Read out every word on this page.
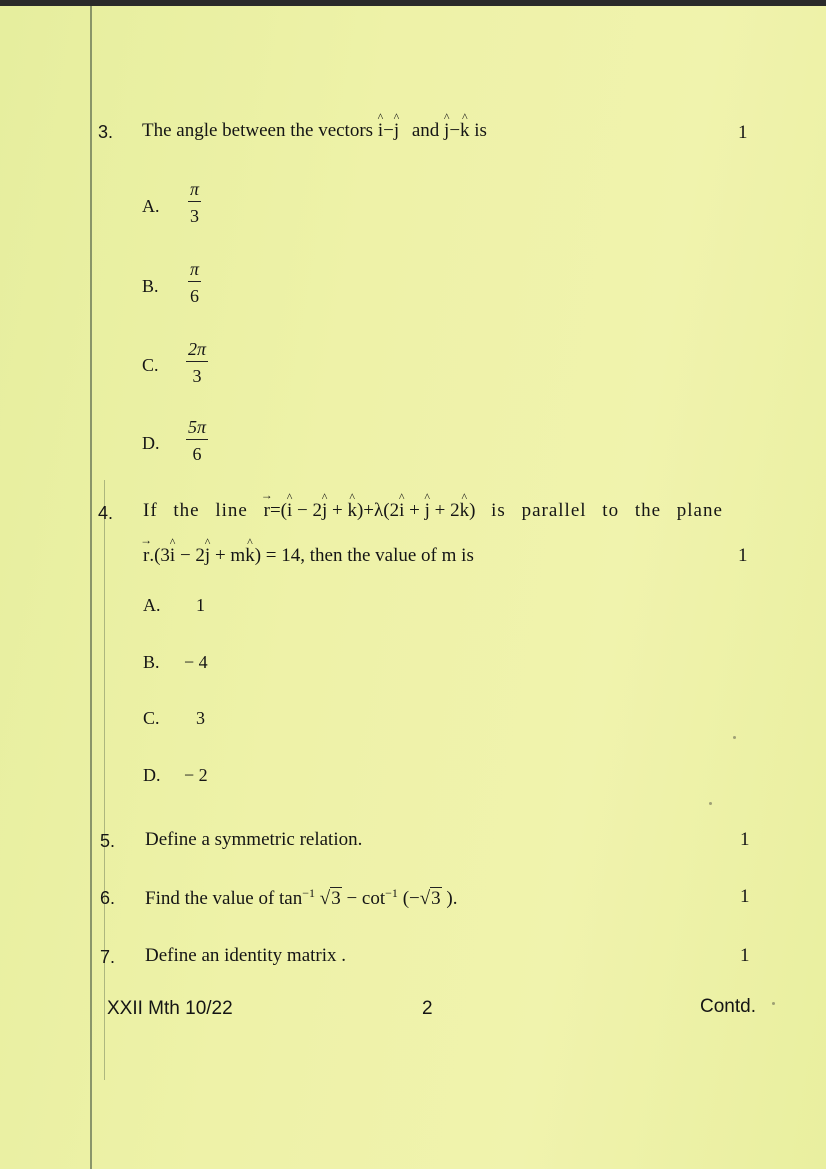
3. The angle between the vectors ^ i−^ j and ^ j−^ k is	1
A. $\frac{\pi}{3}$
B. $\frac{\pi}{6}$
C. $\frac{2\pi}{3}$
D. $\frac{5\pi}{6}$
4. If the line → r=(^ i − 2^ j + ^ k)+λ(2^ i + ^ j + 2^ k) is parallel to the plane
→ r.(3^ i − 2^ j + m^ k) = 14, then the value of m is	1
A. 1
B. − 4
C. 3
D. − 2
5. Define a symmetric relation.	1
6. Find the value of $\tan^{-1} √3 - \cot^{-1} (-√3$ ).	1
7. Define an identity matrix .	1
XXII Mth 10/22	2	Contd.
